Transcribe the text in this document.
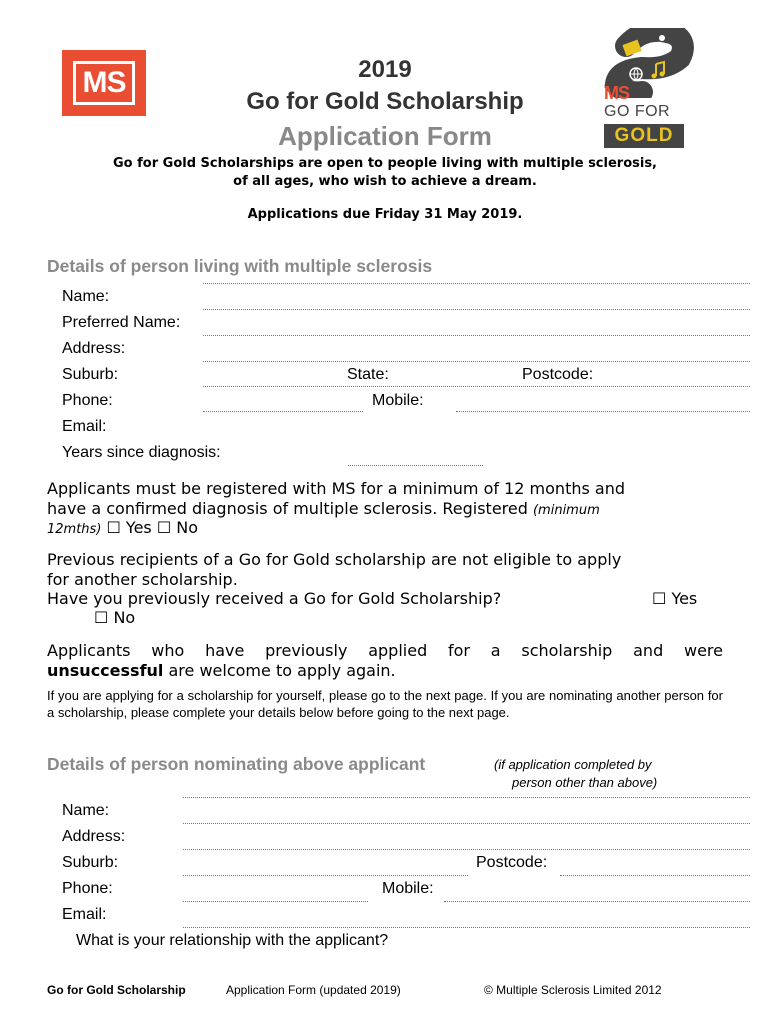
MS	2019
Go for Gold Scholarship
Application Form
MS
GO FOR
GOLD
Go for Gold Scholarships are open to people living with multiple sclerosis,
of all ages, who wish to achieve a dream.
Applications due Friday 31 May 2019.
Details of person living with multiple sclerosis
Name:
Preferred Name:
Address:
Suburb:	State:	Postcode:
Phone:	Mobile:
Email:
Years since diagnosis:
Applicants must be registered with MS for a minimum of 12 months and
have a confirmed diagnosis of multiple sclerosis. Registered (minimum
12mths) ☐ Yes ☐ No
Previous recipients of a Go for Gold scholarship are not eligible to apply
for another scholarship.
Have you previously received a Go for Gold Scholarship?	☐ Yes
☐ No
Applicants who have previously applied for a scholarship and were
unsuccessful are welcome to apply again.
If you are applying for a scholarship for yourself, please go to the next page. If you are nominating another person for a scholarship, please complete your details below before going to the next page.
Details of person nominating above applicant	(if application completed by
person other than above)
Name:
Address:
Suburb:	Postcode:
Phone:	Mobile:
Email:
What is your relationship with the applicant?
Go for Gold Scholarship	Application Form (updated 2019)	© Multiple Sclerosis Limited 2012
